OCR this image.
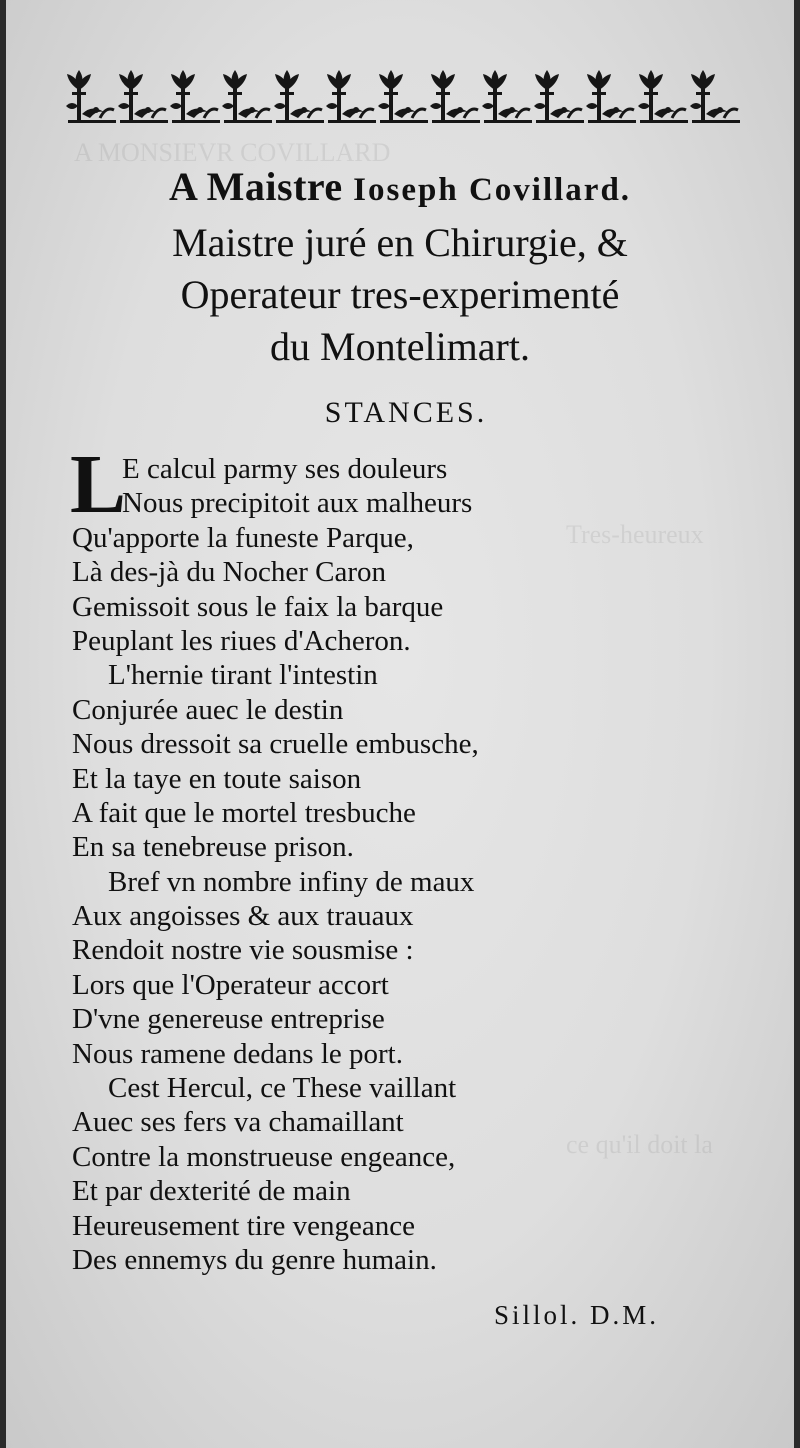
A MONSIEVR COVILLARD
Tres-heureux
ce qu'il doit la
A Maistre Ioseph Covillard.
Maistre juré en Chirurgie, &
Operateur tres-experimenté
du Montelimart.
STANCES.
L
E calcul parmy ses douleurs
Nous precipitoit aux malheurs
Qu'apporte la funeste Parque,
Là des-jà du Nocher Caron
Gemissoit sous le faix la barque
Peuplant les riues d'Acheron.
L'hernie tirant l'intestin
Conjurée auec le destin
Nous dressoit sa cruelle embusche,
Et la taye en toute saison
A fait que le mortel tresbuche
En sa tenebreuse prison.
Bref vn nombre infiny de maux
Aux angoisses & aux trauaux
Rendoit nostre vie sousmise :
Lors que l'Operateur accort
D'vne genereuse entreprise
Nous ramene dedans le port.
Cest Hercul, ce These vaillant
Auec ses fers va chamaillant
Contre la monstrueuse engeance,
Et par dexterité de main
Heureusement tire vengeance
Des ennemys du genre humain.
Sillol. D.M.
